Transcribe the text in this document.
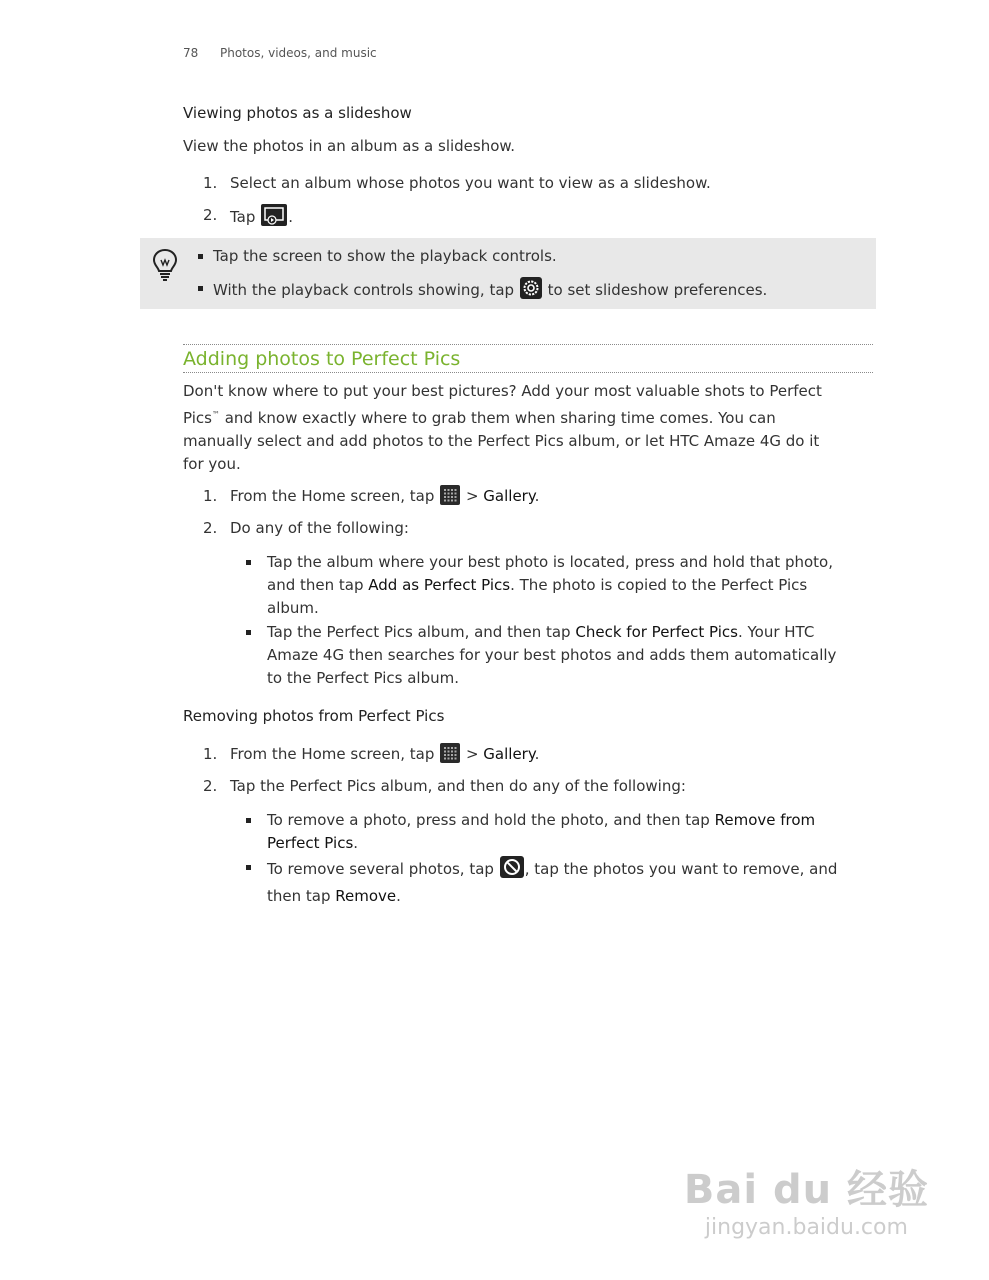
78 Photos, videos, and music
Viewing photos as a slideshow
View the photos in an album as a slideshow.
1. Select an album whose photos you want to view as a slideshow.
2. Tap .
Tap the screen to show the playback controls.
With the playback controls showing, tap to set slideshow preferences.
Adding photos to Perfect Pics
Don't know where to put your best pictures? Add your most valuable shots to Perfect
Pics™ and know exactly where to grab them when sharing time comes. You can
manually select and add photos to the Perfect Pics album, or let HTC Amaze 4G do it
for you.
1. From the Home screen, tap > Gallery.
2. Do any of the following:
Tap the album where your best photo is located, press and hold that photo,
and then tap Add as Perfect Pics. The photo is copied to the Perfect Pics
album.
Tap the Perfect Pics album, and then tap Check for Perfect Pics. Your HTC
Amaze 4G then searches for your best photos and adds them automatically
to the Perfect Pics album.
Removing photos from Perfect Pics
1. From the Home screen, tap > Gallery.
2. Tap the Perfect Pics album, and then do any of the following:
To remove a photo, press and hold the photo, and then tap Remove from
Perfect Pics.
To remove several photos, tap , tap the photos you want to remove, and
then tap Remove.
Bai du 经验
jingyan.baidu.com
